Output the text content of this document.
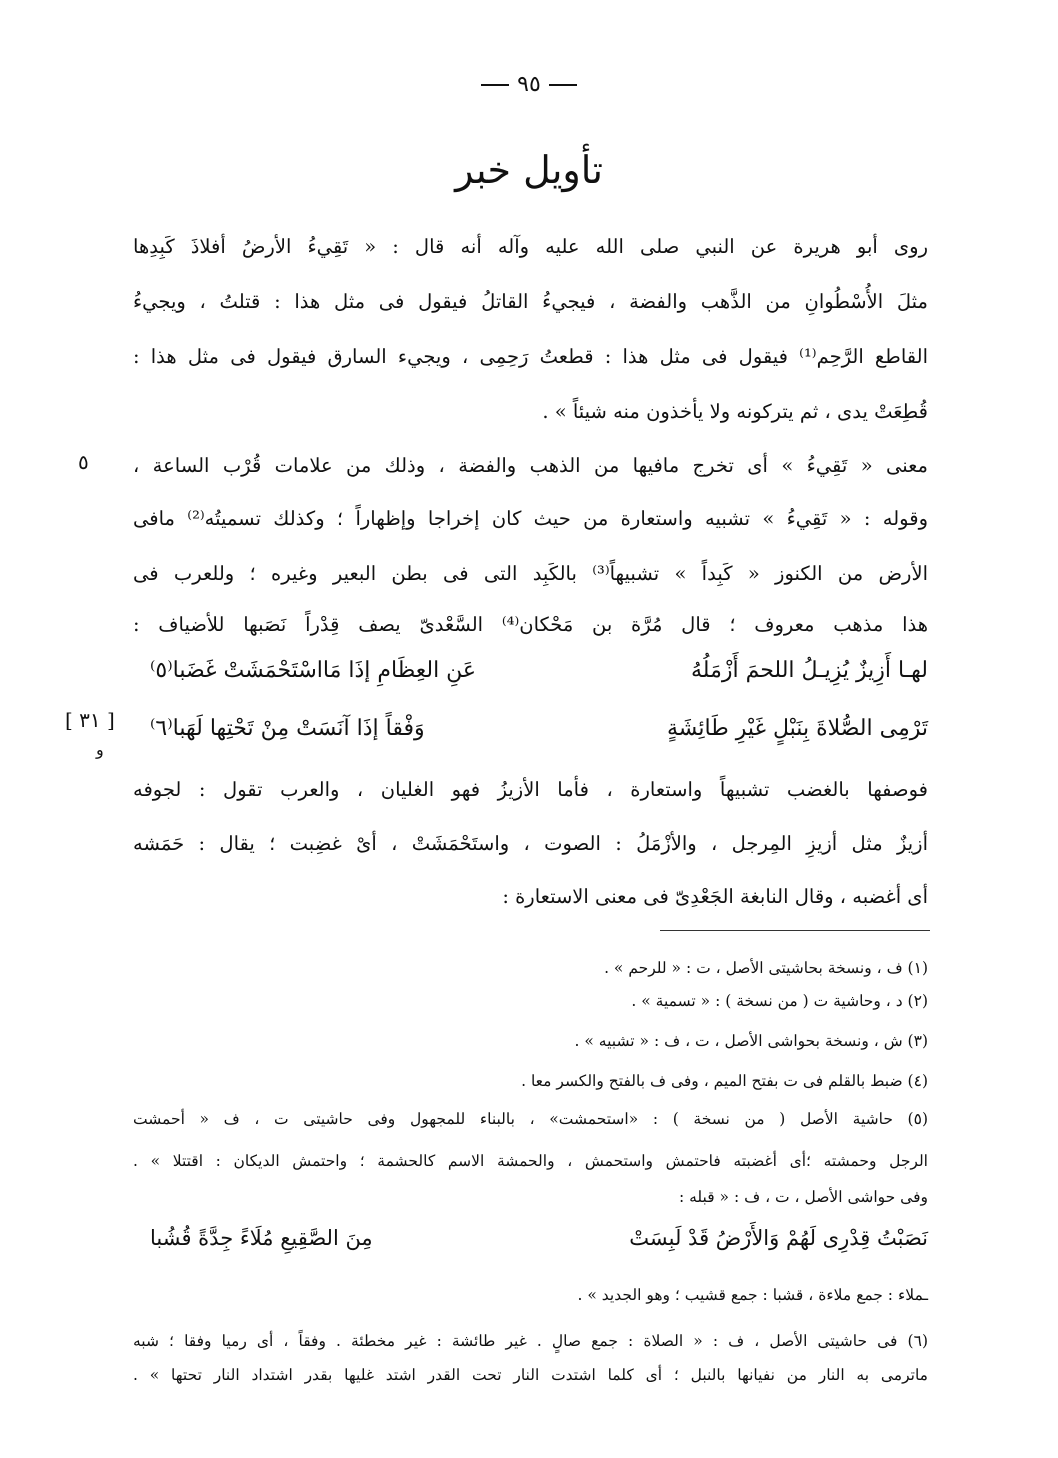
٩٥
تأويل خبر
روى أبو هريرة عن النبي صلى الله عليه وآله أنه قال : « تَقِيءُ الأرضُ أفلاذَ كَبِدِها
مثلَ الأُسْطُوانِ من الذَّهب والفضة ، فيجيءُ القاتلُ فيقول فى مثل هذا : قتلتُ ، ويجيءُ
القاطع الرَّحِم⁽¹⁾ فيقول فى مثل هذا : قطعتُ رَحِمِى ، ويجيء السارق فيقول فى مثل هذا :
قُطِعَتْ يدى ، ثم يتركونه ولا يأخذون منه شيئاً » .
معنى « تَقِيءُ » أى تخرج مافيها من الذهب والفضة ، وذلك من علامات قُرْب الساعة ،
٥
وقوله : « تَقِيءُ » تشبيه واستعارة من حيث كان إخراجا وإظهاراً ؛ وكذلك تسميتُه⁽²⁾ مافى
الأرض من الكنوز « كَبِداً » تشبيهاً⁽³⁾ بالكَبِد التى فى بطن البعير وغيره ؛ وللعرب فى
هذا مذهب معروف ؛ قال مُرَّة بن مَحْكان⁽⁴⁾ السَّعْدىّ يصف قِدْراً نَصَبها للأضياف :
لهـا أَزِيزٌ يُزِيـلُ اللحمَ أَزْمَلُهُ
عَنِ العِظَامِ إذَا مَااسْتَحْمَشَتْ غَضَبا⁽٥⁾
تَرْمِى الصُّلاةَ بِنَبْلٍ غَيْرِ طَائِشَةٍ
وَفْقاً إذَا آنَسَتْ مِنْ تَحْتِها لَهَبا⁽٦⁾
[ ٣١ ]
و
فوصفها بالغضب تشبيهاً واستعارة ، فأما الأزيزُ فهو الغليان ، والعرب تقول : لجوفه
أزيزٌ مثل أزيزِ المِرجل ، والأزْمَلُ : الصوت ، واستَحْمَشَتْ ، أىْ غضِبت ؛ يقال : حَمَشه
أى أغضبه ، وقال النابغة الجَعْدِىّ فى معنى الاستعارة :
(١) ف ، ونسخة بحاشيتى الأصل ، ت : « للرحم » .
(٢) د ، وحاشية ت ( من نسخة ) : « تسمية » .
(٣) ش ، ونسخة بحواشى الأصل ، ت ، ف : « تشبيه » .
(٤) ضبط بالقلم فى ت بفتح الميم ، وفى ف بالفتح والكسر معا .
(٥) حاشية الأصل ( من نسخة ) : «استحمشت» ، بالبناء للمجهول وفى حاشيتى ت ، ف « أحمشت
الرجل وحمشته ؛أى أغضبته فاحتمش واستحمش ، والحمشة الاسم كالحشمة ؛ واحتمش الديكان : اقتتلا » .
وفى حواشى الأصل ، ت ، ف : « قبله :
نَصَبْتُ قِدْرِى لَهُمْ وَالأَرْضُ قَدْ لَبِسَتْ
مِنَ الصَّقِيعِ مُلَاءً جِدَّةً قُشُبا
ـملاء : جمع ملاءة ، قشبا : جمع قشيب ؛ وهو الجديد » .
(٦) فى حاشيتى الأصل ، ف : « الصلاة : جمع صالٍ . غير طائشة : غير مخطئة . وفقاً ، أى رميا وفقا ؛ شبه
ماترمى به النار من نفيانها بالنبل ؛ أى كلما اشتدت النار تحت القدر اشتد غليها بقدر اشتداد النار تحتها » .
